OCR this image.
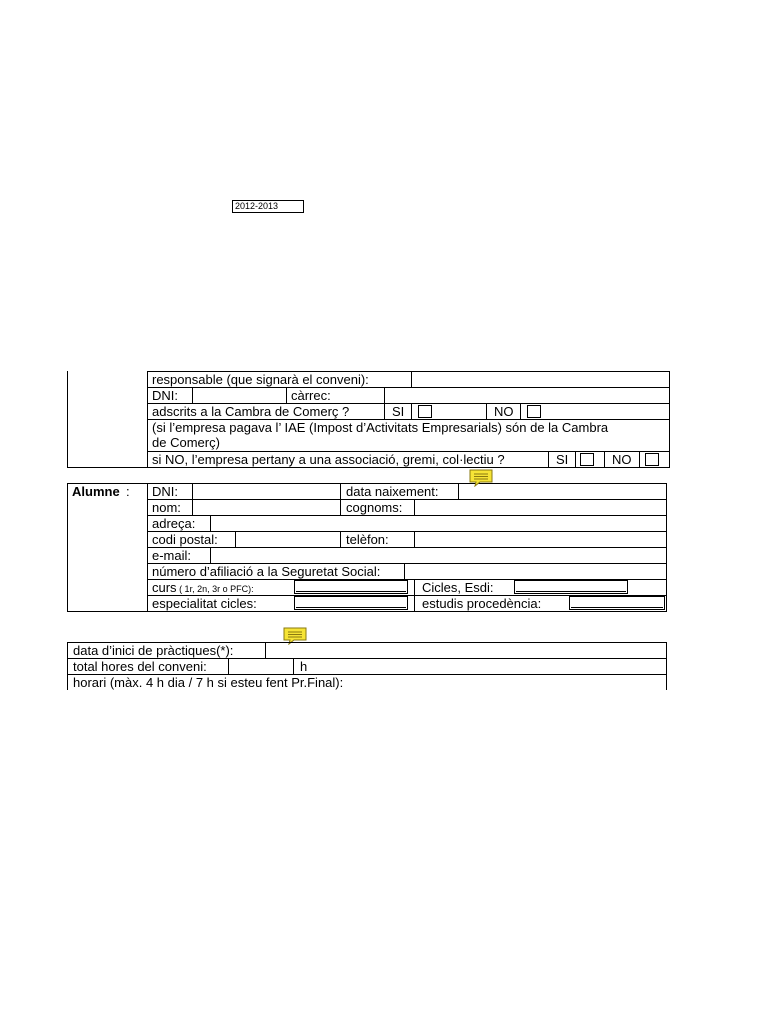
2012-2013
responsable (que signarà el conveni):
DNI:	càrrec:
adscrits a la Cambra de Comerç ?	SI	NO
(si l’empresa pagava l’ IAE (Impost d’Activitats Empresarials) són de la Cambra
de Comerç)
si NO, l’empresa pertany a una associació, gremi, col·lectiu ?	SI	NO
Alumne : DNI:	data naixement:
nom:	cognoms:
adreça:
codi postal:	telèfon:
e-mail:
número d’afiliació a la Seguretat Social:
curs ( 1r, 2n, 3r o PFC):	Cicles, Esdi:
especialitat cicles:	estudis procedència:
data d’inici de pràctiques(*):
total hores del conveni:	h
horari (màx. 4 h dia / 7 h si esteu fent Pr.Final):
